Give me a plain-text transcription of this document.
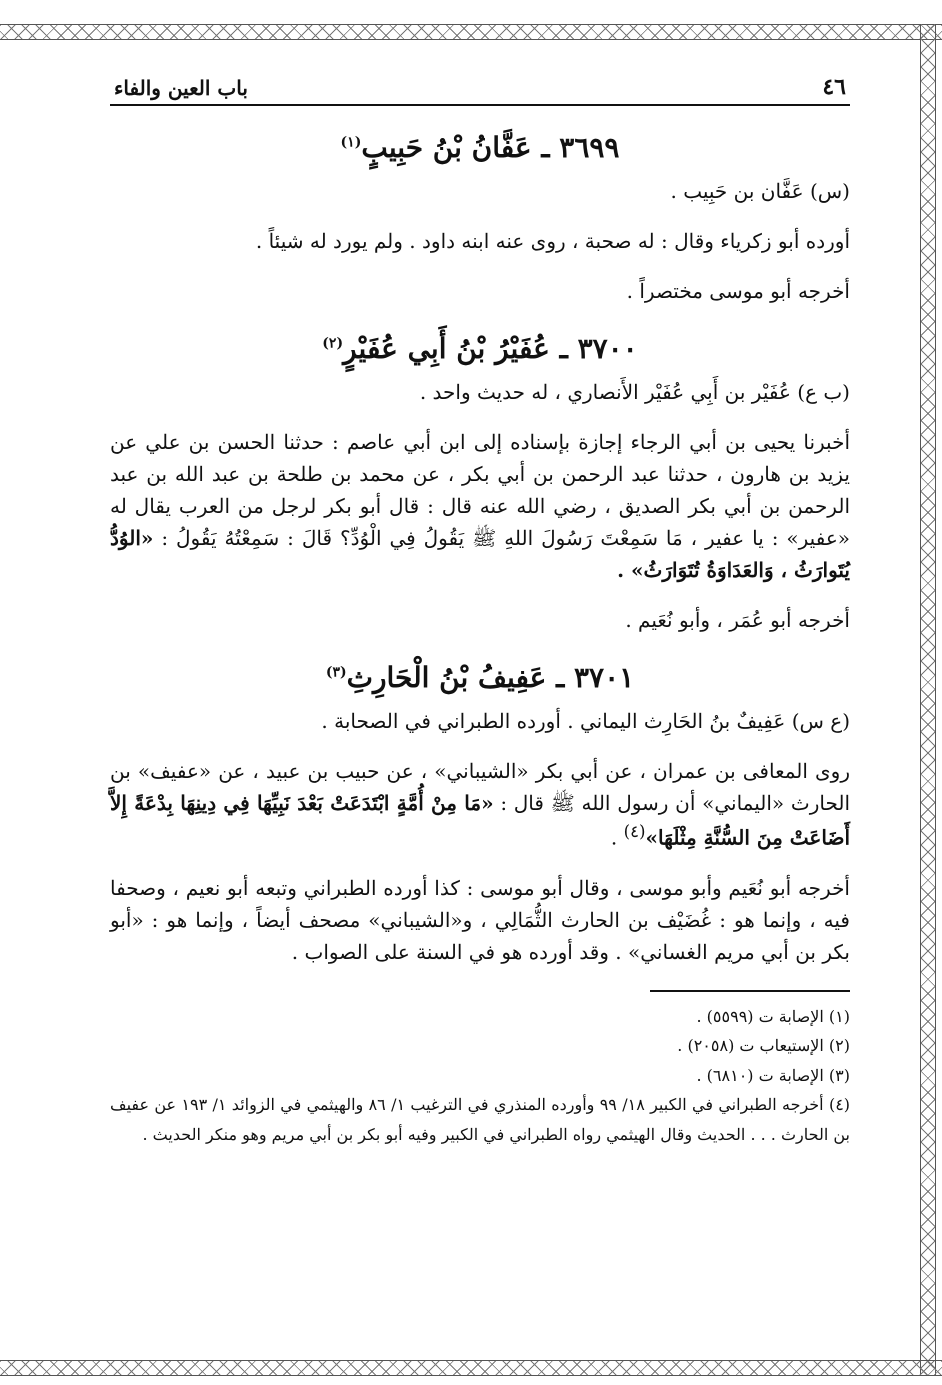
٤٦
باب العين والفاء
٣٦٩٩ ـ عَفَّانُ بْنُ حَبِيبٍ$^{(١)}$

(س) عَفَّان بن حَبِيب .

أورده أبو زكرياء وقال : له صحبة ، روى عنه ابنه داود . ولم يورد له شيئاً .

أخرجه أبو موسى مختصراً .

٣٧٠٠ ـ عُفَيْرُ بْنُ أَبِي عُفَيْرٍ$^{(٢)}$

(ب ع) عُفَيْر بن أَبِي عُفَيْر الأَنصاري ، له حديث واحد .

أخبرنا يحيى بن أبي الرجاء إجازة بإسناده إلى ابن أبي عاصم : حدثنا الحسن بن علي عن يزيد بن هارون ، حدثنا عبد الرحمن بن أبي بكر ، عن محمد بن طلحة بن عبد الله بن عبد الرحمن بن أبي بكر الصديق ، رضي الله عنه قال : قال أبو بكر لرجل من العرب يقال له «عفير» : يا عفير ، مَا سَمِعْتَ رَسُولَ اللهِ ﷺ يَقُولُ فِي الْوُدِّ؟ قَالَ : سَمِعْتُهُ يَقُولُ : «الوُدُّ يُتَوارَثُ ، وَالعَدَاوَةُ تُتَوَارَثُ» .

أخرجه أبو عُمَر ، وأبو نُعَيم .

٣٧٠١ ـ عَفِيفُ بْنُ الْحَارِثِ$^{(٣)}$

(ع س) عَفِيفٌ بنُ الحَارِث اليماني . أورده الطبراني في الصحابة .

روى المعافى بن عمران ، عن أبي بكر «الشيباني» ، عن حبيب بن عبيد ، عن «عفيف» بن الحارث «اليماني» أن رسول الله ﷺ قال : «مَا مِنْ أُمَّةٍ ابْتَدَعَتْ بَعْدَ نَبِيِّهَا فِي دِينِهَا بِدْعَةً إِلاَّ أَضَاعَتْ مِنَ السُّنَّةِ مِثْلَهَا»$^{(٤)}$ .

أخرجه أبو نُعَيم وأبو موسى ، وقال أبو موسى : كذا أورده الطبراني وتبعه أبو نعيم ، وصحفا فيه ، وإنما هو : غُضَيْف بن الحارث الثُّمَالِي ، و«الشيباني» مصحف أيضاً ، وإنما هو : «أبو بكر بن أبي مريم الغساني» . وقد أورده هو في السنة على الصواب .

(١) الإصابة ت (٥٥٩٩) .
(٢) الإستيعاب ت (٢٠٥٨) .
(٣) الإصابة ت (٦٨١٠) .
(٤) أخرجه الطبراني في الكبير ١٨/ ٩٩ وأورده المنذري في الترغيب ١/ ٨٦ والهيثمي في الزوائد ١/ ١٩٣ عن عفيف بن الحارث . . . الحديث وقال الهيثمي رواه الطبراني في الكبير وفيه أبو بكر بن أبي مريم وهو منكر الحديث .
